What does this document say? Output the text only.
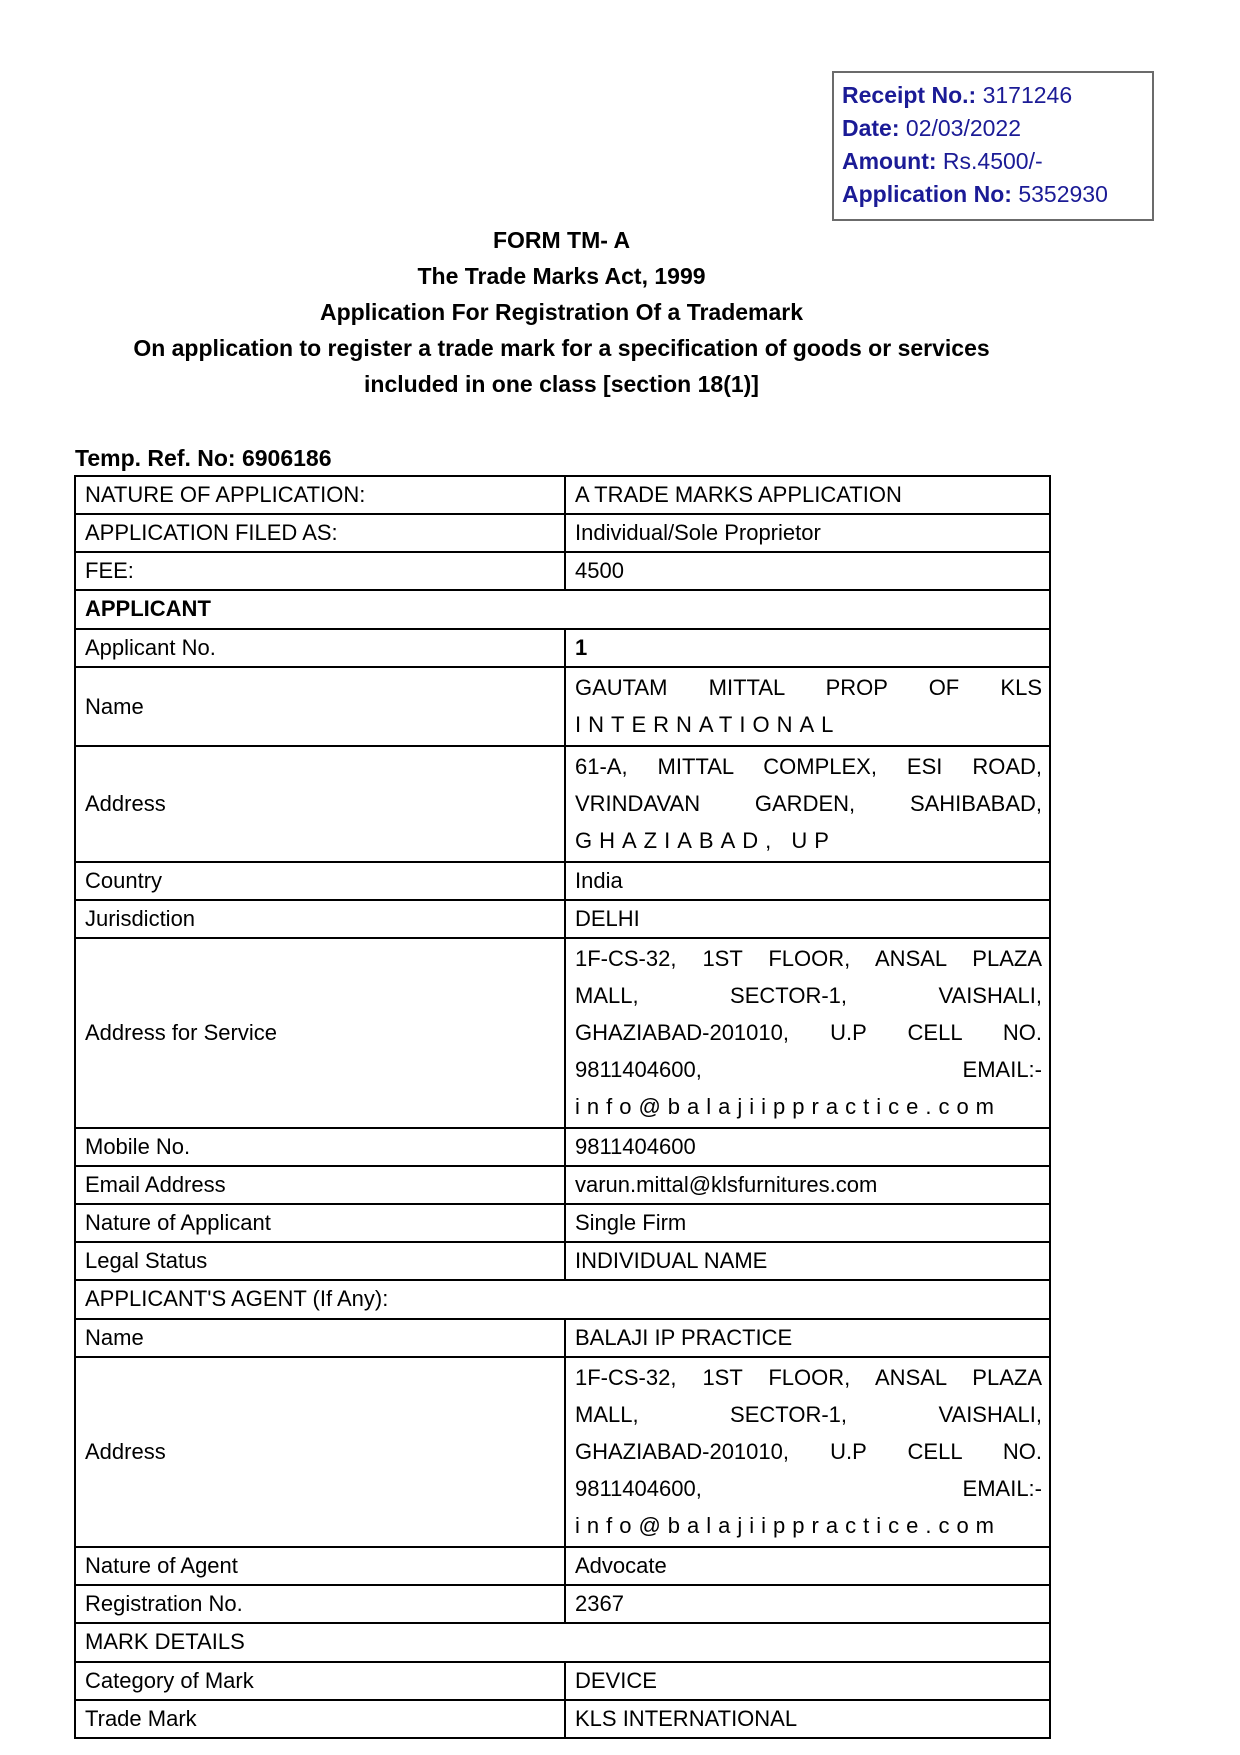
Receipt No.: 3171246
Date: 02/03/2022
Amount: Rs.4500/-
Application No: 5352930
FORM TM- A
The Trade Marks Act, 1999
Application For Registration Of a Trademark
On application to register a trade mark for a specification of goods or services
included in one class [section 18(1)]
Temp. Ref. No: 6906186
NATURE OF APPLICATION:	A TRADE MARKS APPLICATION

APPLICATION FILED AS:	Individual/Sole Proprietor

FEE:	4500

APPLICANT	
Applicant No.	1

Name	GAUTAM MITTAL PROP OF KLS
INTERNATIONAL

Address	61-A, MITTAL COMPLEX, ESI ROAD,
VRINDAVAN GARDEN, SAHIBABAD,
GHAZIABAD, UP

Country	India

Jurisdiction	DELHI

Address for Service	1F-CS-32, 1ST FLOOR, ANSAL PLAZA
MALL, SECTOR-1, VAISHALI,
GHAZIABAD-201010, U.P CELL NO.
9811404600, EMAIL:-
info@balajiippractice.com

Mobile No.	9811404600

Email Address	varun.mittal@klsfurnitures.com

Nature of Applicant	Single Firm

Legal Status	INDIVIDUAL NAME

APPLICANT'S AGENT (If Any):	
Name	BALAJI IP PRACTICE

Address	1F-CS-32, 1ST FLOOR, ANSAL PLAZA
MALL, SECTOR-1, VAISHALI,
GHAZIABAD-201010, U.P CELL NO.
9811404600, EMAIL:-
info@balajiippractice.com

Nature of Agent	Advocate

Registration No.	2367

MARK DETAILS	
Category of Mark	DEVICE

Trade Mark	KLS INTERNATIONAL
